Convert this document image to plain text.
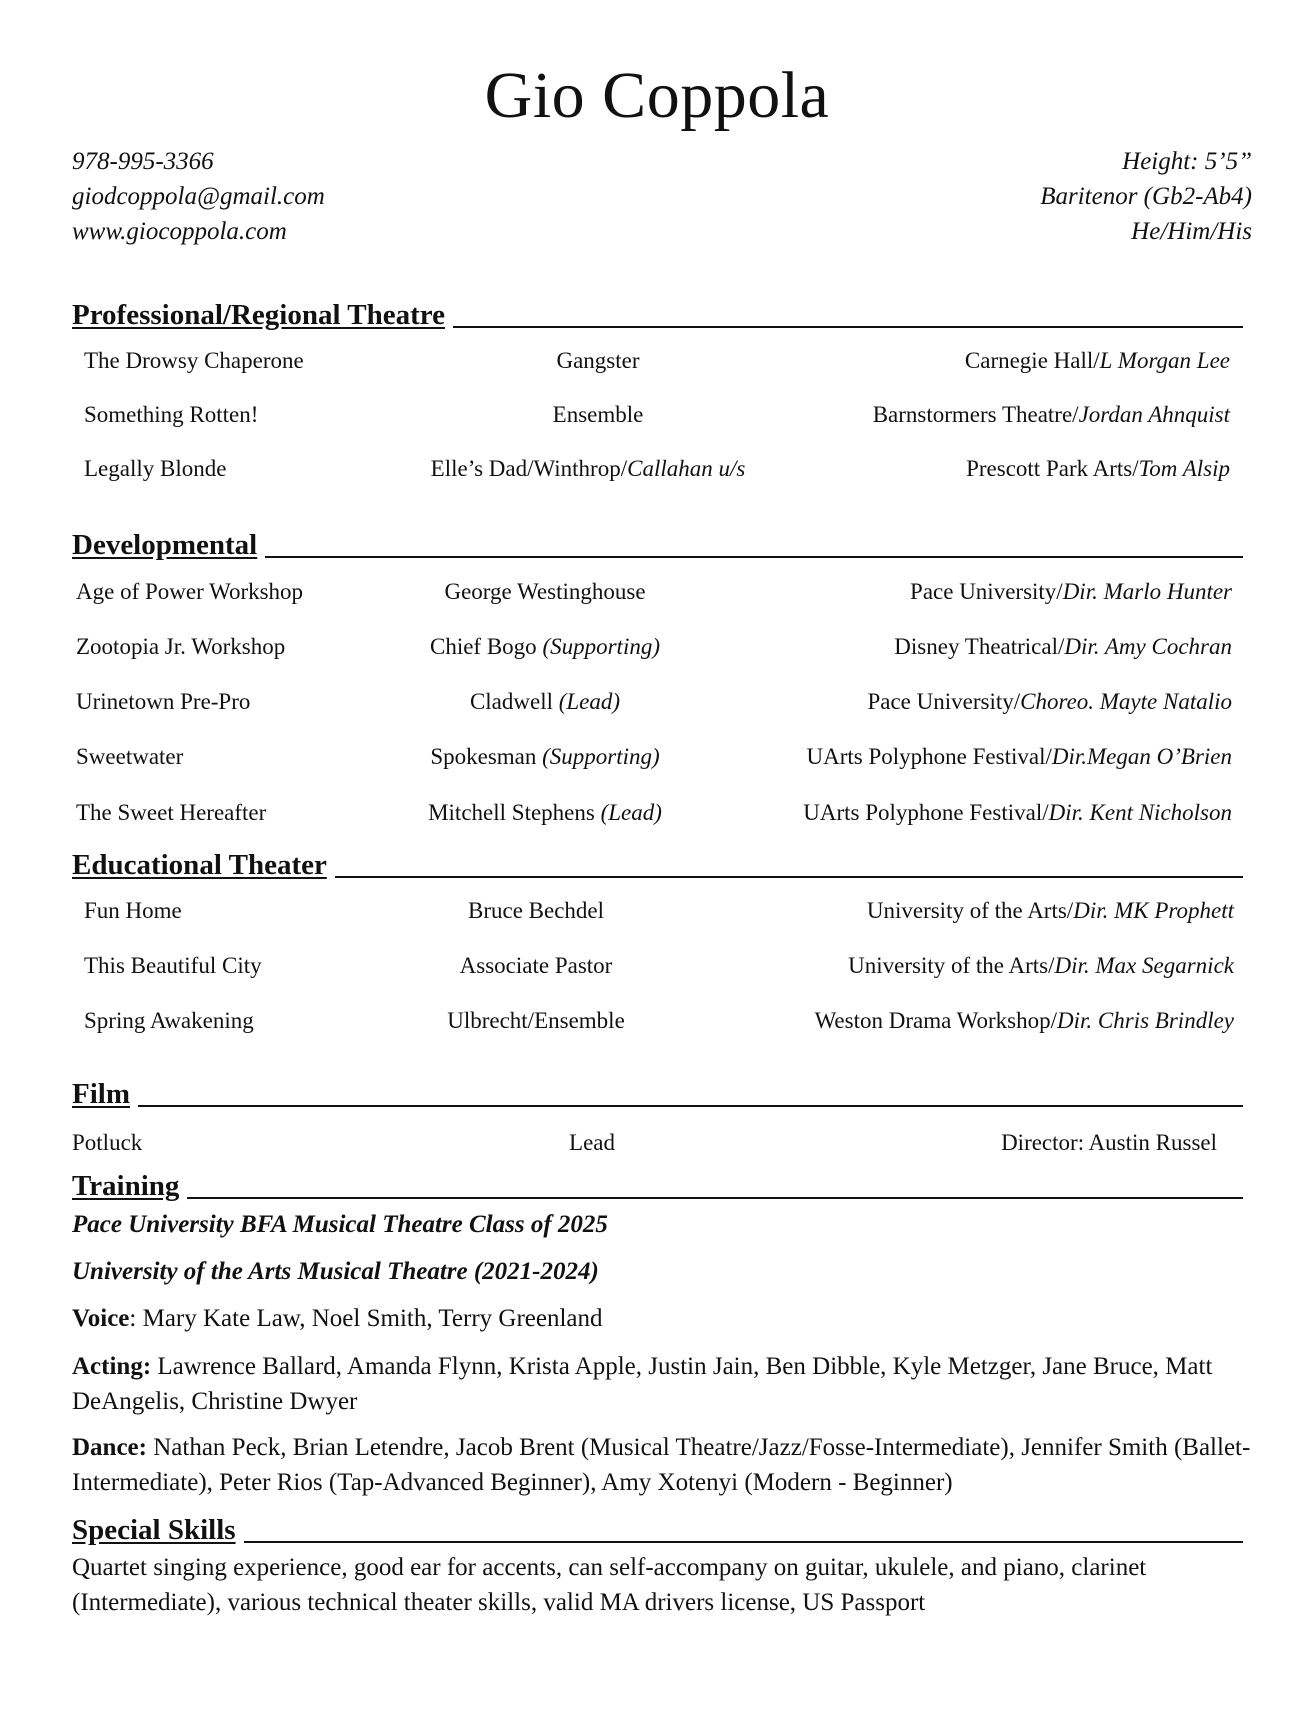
Gio Coppola
978-995-3366
giodcoppola@gmail.com
www.giocoppola.com
Height: 5’5”
Baritenor (Gb2-Ab4)
He/Him/His
Professional/Regional Theatre
The Drowsy Chaperone	Gangster	Carnegie Hall/L Morgan Lee
Something Rotten!	Ensemble	Barnstormers Theatre/Jordan Ahnquist
Legally Blonde	Elle’s Dad/Winthrop/Callahan u/s	Prescott Park Arts/Tom Alsip
Developmental
Age of Power Workshop	George Westinghouse	Pace University/Dir. Marlo Hunter
Zootopia Jr. Workshop	Chief Bogo (Supporting)	Disney Theatrical/Dir. Amy Cochran
Urinetown Pre-Pro	Cladwell (Lead)	Pace University/Choreo. Mayte Natalio
Sweetwater	Spokesman (Supporting)	UArts Polyphone Festival/Dir.Megan O’Brien
The Sweet Hereafter	Mitchell Stephens (Lead)	UArts Polyphone Festival/Dir. Kent Nicholson
Educational Theater
Fun Home	Bruce Bechdel	University of the Arts/Dir. MK Prophett
This Beautiful City	Associate Pastor	University of the Arts/Dir. Max Segarnick
Spring Awakening	Ulbrecht/Ensemble	Weston Drama Workshop/Dir. Chris Brindley
Film
Potluck	Lead	Director: Austin Russel
Training
Pace University BFA Musical Theatre Class of 2025
University of the Arts Musical Theatre (2021-2024)
Voice: Mary Kate Law, Noel Smith, Terry Greenland
Acting: Lawrence Ballard, Amanda Flynn, Krista Apple, Justin Jain, Ben Dibble, Kyle Metzger, Jane Bruce, Matt DeAngelis, Christine Dwyer
Dance: Nathan Peck, Brian Letendre, Jacob Brent (Musical Theatre/Jazz/Fosse-Intermediate), Jennifer Smith (Ballet-Intermediate), Peter Rios (Tap-Advanced Beginner), Amy Xotenyi (Modern - Beginner)
Special Skills
Quartet singing experience, good ear for accents, can self-accompany on guitar, ukulele, and piano, clarinet (Intermediate), various technical theater skills, valid MA drivers license, US Passport
